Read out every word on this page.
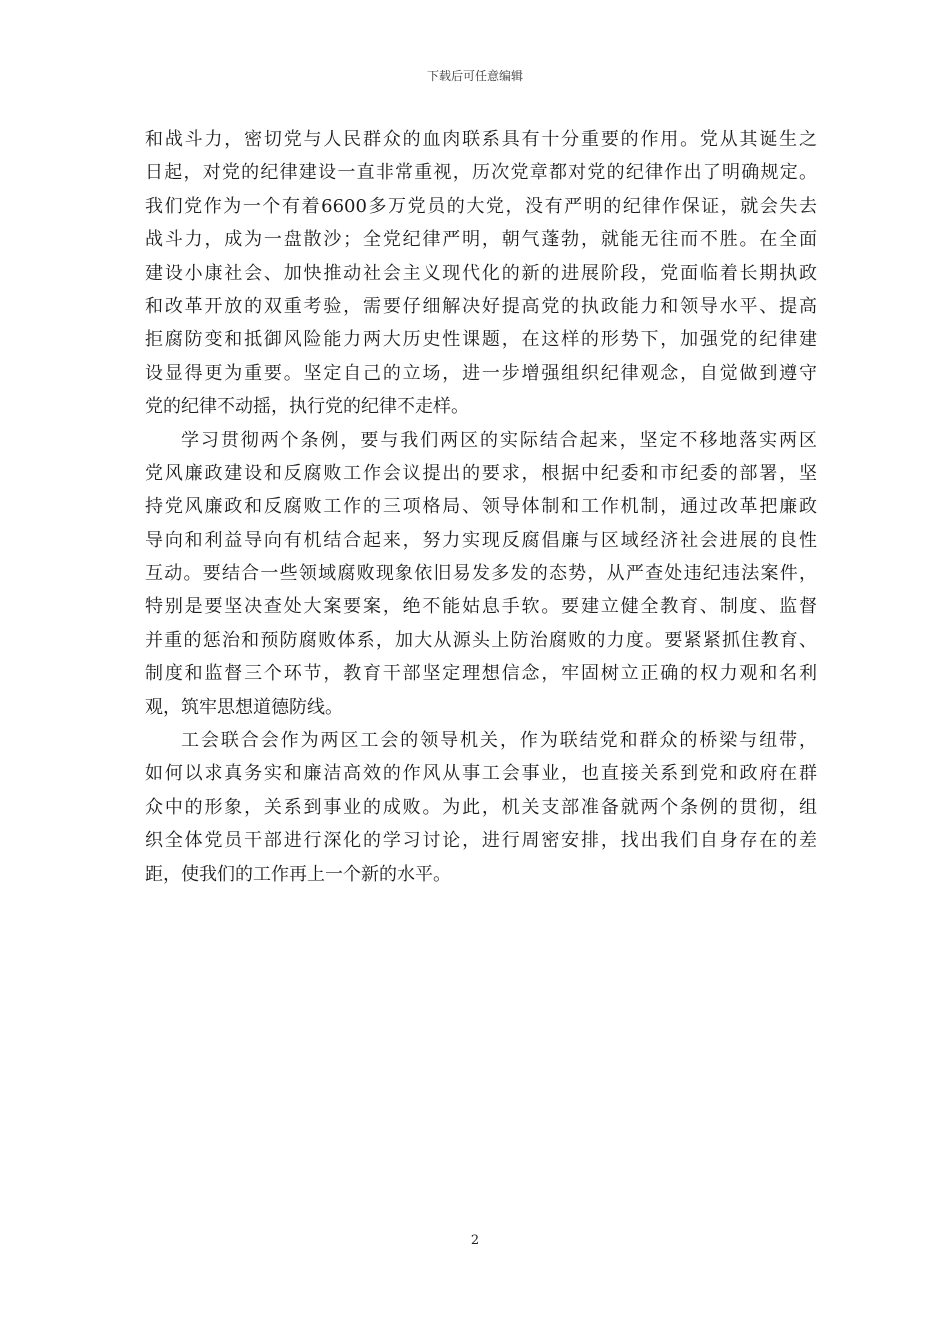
下载后可任意编辑
和战斗力，密切党与人民群众的血肉联系具有十分重要的作用。党从其诞生之
日起，对党的纪律建设一直非常重视，历次党章都对党的纪律作出了明确规定。
我们党作为一个有着6600多万党员的大党，没有严明的纪律作保证，就会失去
战斗力，成为一盘散沙；全党纪律严明，朝气蓬勃，就能无往而不胜。在全面
建设小康社会、加快推动社会主义现代化的新的进展阶段，党面临着长期执政
和改革开放的双重考验，需要仔细解决好提高党的执政能力和领导水平、提高
拒腐防变和抵御风险能力两大历史性课题，在这样的形势下，加强党的纪律建
设显得更为重要。坚定自己的立场，进一步增强组织纪律观念，自觉做到遵守
党的纪律不动摇，执行党的纪律不走样。
学习贯彻两个条例，要与我们两区的实际结合起来，坚定不移地落实两区
党风廉政建设和反腐败工作会议提出的要求，根据中纪委和市纪委的部署，坚
持党风廉政和反腐败工作的三项格局、领导体制和工作机制，通过改革把廉政
导向和利益导向有机结合起来，努力实现反腐倡廉与区域经济社会进展的良性
互动。要结合一些领域腐败现象依旧易发多发的态势，从严查处违纪违法案件，
特别是要坚决查处大案要案，绝不能姑息手软。要建立健全教育、制度、监督
并重的惩治和预防腐败体系，加大从源头上防治腐败的力度。要紧紧抓住教育、
制度和监督三个环节，教育干部坚定理想信念，牢固树立正确的权力观和名利
观，筑牢思想道德防线。
工会联合会作为两区工会的领导机关，作为联结党和群众的桥梁与纽带，
如何以求真务实和廉洁高效的作风从事工会事业，也直接关系到党和政府在群
众中的形象，关系到事业的成败。为此，机关支部准备就两个条例的贯彻，组
织全体党员干部进行深化的学习讨论，进行周密安排，找出我们自身存在的差
距，使我们的工作再上一个新的水平。
2
